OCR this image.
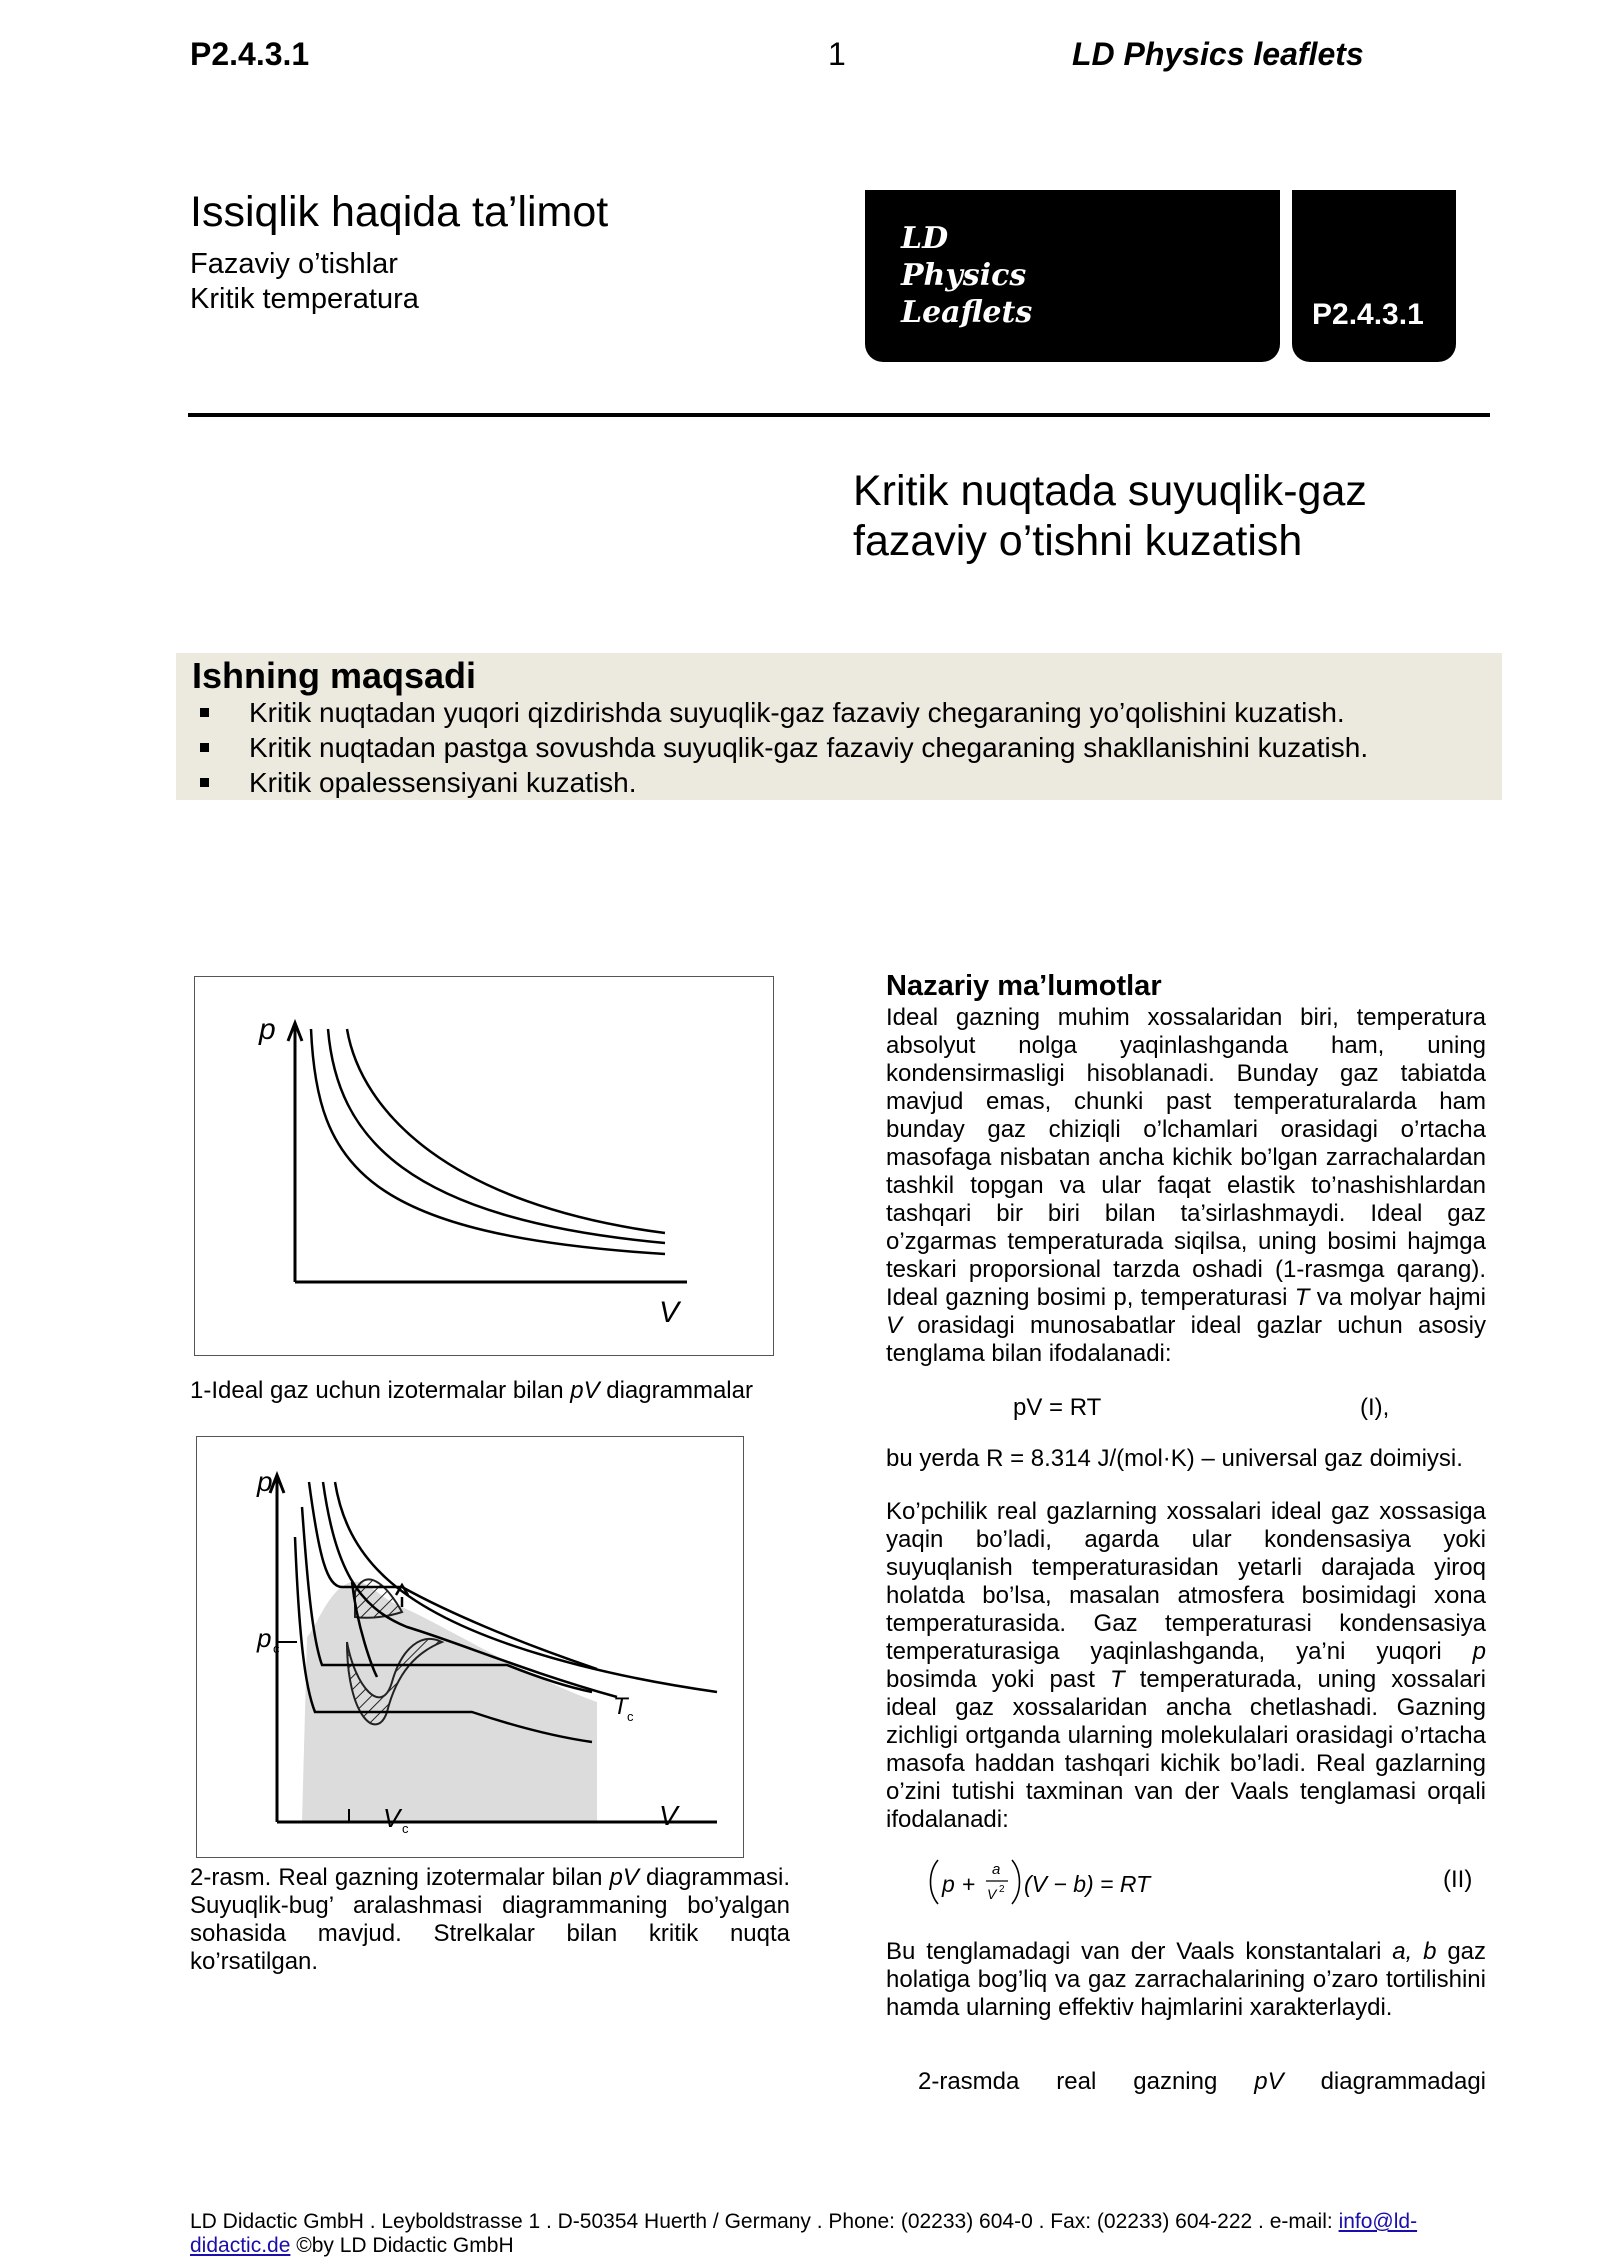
P2.4.3.1	1	LD Physics leaflets
Issiqlik haqida ta’limot
Fazaviy o’tishlar
Kritik temperatura
LD
Physics
Leaflets	P2.4.3.1
Kritik nuqtada suyuqlik-gaz
fazaviy o’tishni kuzatish
Ishning maqsadi
Kritik nuqtadan yuqori qizdirishda suyuqlik-gaz fazaviy chegaraning yo’qolishini kuzatish.
Kritik nuqtadan pastga sovushda suyuqlik-gaz fazaviy chegaraning shakllanishini kuzatish.
Kritik opalessensiyani kuzatish.
p
V
1-Ideal gaz uchun izotermalar bilan pV diagrammalar
p
p c
V c
T c
V
2-rasm. Real gazning izotermalar bilan pV diagrammasi. Suyuqlik-bug’ aralashmasi diagrammaning bo’yalgan sohasida mavjud. Strelkalar bilan kritik nuqta ko’rsatilgan.
Nazariy ma’lumotlar
Ideal gazning muhim xossalaridan biri, temperatura absolyut nolga yaqinlashganda ham, uning kondensirmasligi hisoblanadi. Bunday gaz tabiatda mavjud emas, chunki past temperaturalarda ham bunday gaz chiziqli o’lchamlari orasidagi o’rtacha masofaga nisbatan ancha kichik bo’lgan zarrachalardan tashkil topgan va ular faqat elastik to’nashishlardan tashqari bir biri bilan ta’sirlashmaydi. Ideal gaz o’zgarmas temperaturada siqilsa, uning bosimi hajmga teskari proporsional tarzda oshadi (1-rasmga qarang). Ideal gazning bosimi p, temperaturasi T va molyar hajmi V orasidagi munosabatlar ideal gazlar uchun asosiy tenglama bilan ifodalanadi:
pV = RT	(I),
bu yerda R = 8.314 J/(mol·K) – universal gaz doimiysi.
Ko’pchilik real gazlarning xossalari ideal gaz xossasiga yaqin bo’ladi, agarda ular kondensasiya yoki suyuqlanish temperaturasidan yetarli darajada yiroq holatda bo’lsa, masalan atmosfera bosimidagi xona temperaturasida. Gaz temperaturasi kondensasiya temperaturasiga yaqinlashganda, ya’ni yuqori p bosimda yoki past T temperaturada, uning xossalari ideal gaz xossalaridan ancha chetlashadi. Gazning zichligi ortganda ularning molekulalari orasidagi o’rtacha masofa haddan tashqari kichik bo’ladi. Real gazlarning o’zini tutishi taxminan van der Vaals tenglamasi orqali ifodalanadi:
p +
a
V 2 (V − b) = RT	(II)
Bu tenglamadagi van der Vaals konstantalari a, b gaz holatiga bog’liq va gaz zarrachalarining o’zaro tortilishini hamda ularning effektiv hajmlarini xarakterlaydi.
2-rasmda real gazning pV diagrammadagi
LD Didactic GmbH . Leyboldstrasse 1 . D-50354 Huerth / Germany . Phone: (02233) 604-0 . Fax: (02233) 604-222 . e-mail: info@ld-
didactic.de ©by LD Didactic GmbH
